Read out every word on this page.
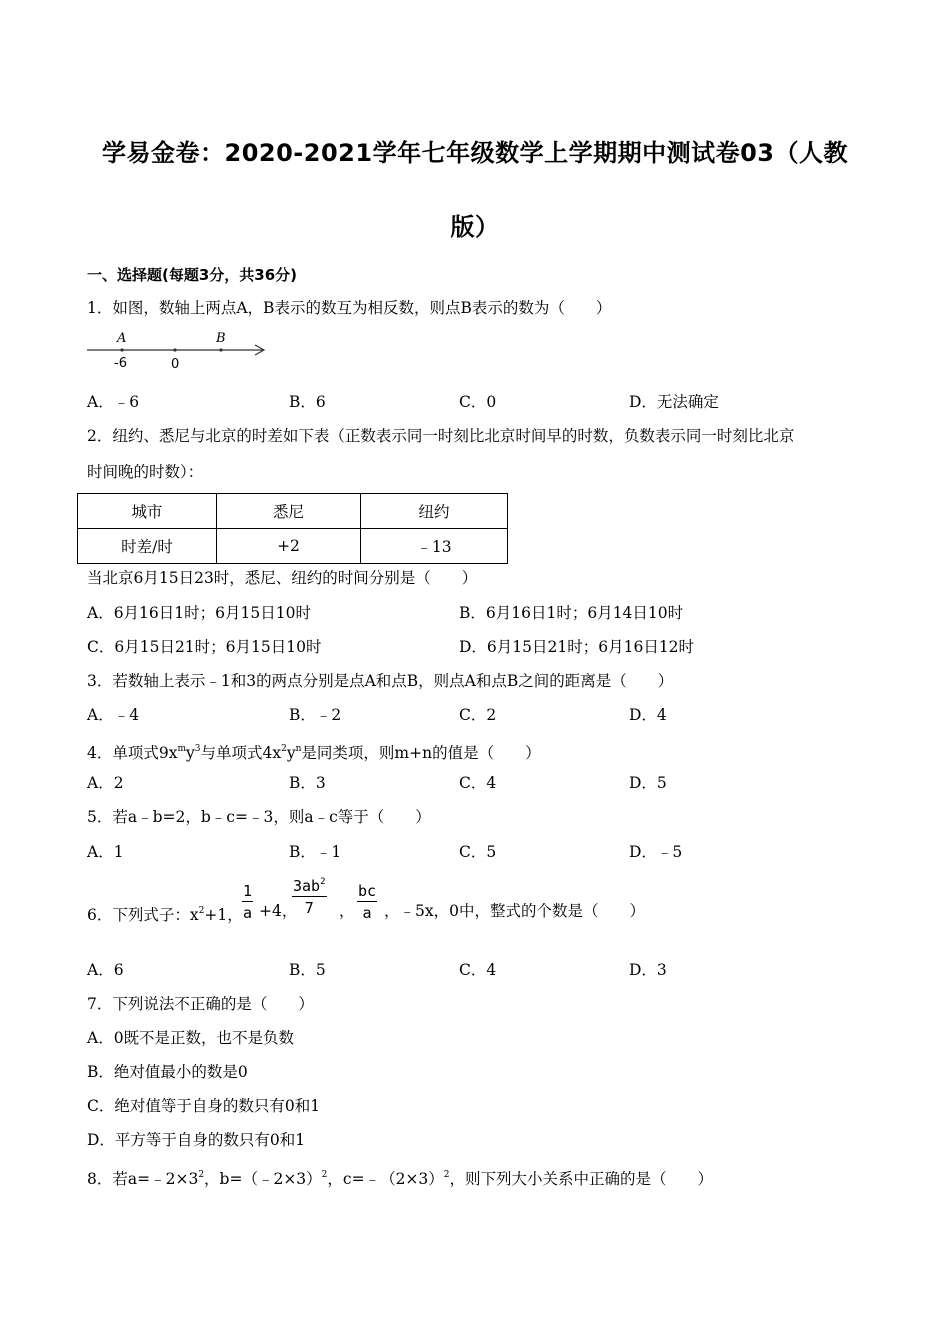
学易金卷：2020-2021学年七年级数学上学期期中测试卷03（人教
版）
一、选择题(每题3分，共36分)
1．如图，数轴上两点A，B表示的数互为相反数，则点B表示的数为（　　）
A	B
-6	0
A．﹣6	B．6	C．0	D．无法确定
2．纽约、悉尼与北京的时差如下表（正数表示同一时刻比北京时间早的时数，负数表示同一时刻比北京
时间晚的时数）：
城市	悉尼	纽约
时差/时	+2	﹣13
当北京6月15日23时，悉尼、纽约的时间分别是（　　）
A．6月16日1时；6月15日10时	B．6月16日1时；6月14日10时
C．6月15日21时；6月15日10时	D．6月15日21时；6月16日12时
3．若数轴上表示﹣1和3的两点分别是点A和点B，则点A和点B之间的距离是（　　）
A．﹣4	B．﹣2	C．2	D．4
4．单项式$9x^my^3$与单项式$4x^2y^n$是同类项，则m+n的值是（　　）
A．2	B．3	C．4	D．5
5．若a﹣b=2，b﹣c=﹣3，则a﹣c等于（　　）
A．1	B．﹣1	C．5	D．﹣5
6．下列式子：$x^2+1$， $\frac{1}{a} +4$，
$\frac{3ab^2}{7}$ ， $\frac{bc}{a}$ ，﹣5x，0中，整式的个数是（　　）
A．6	B．5	C．4	D．3
7．下列说法不正确的是（　　）
A．0既不是正数，也不是负数
B．绝对值最小的数是0
C．绝对值等于自身的数只有0和1
D．平方等于自身的数只有0和1
8．若$a=﹣2\times 3^2$，b=（﹣2×3）$^2$，$c=﹣(2\times 3)^2$，则下列大小关系中正确的是（　　）
